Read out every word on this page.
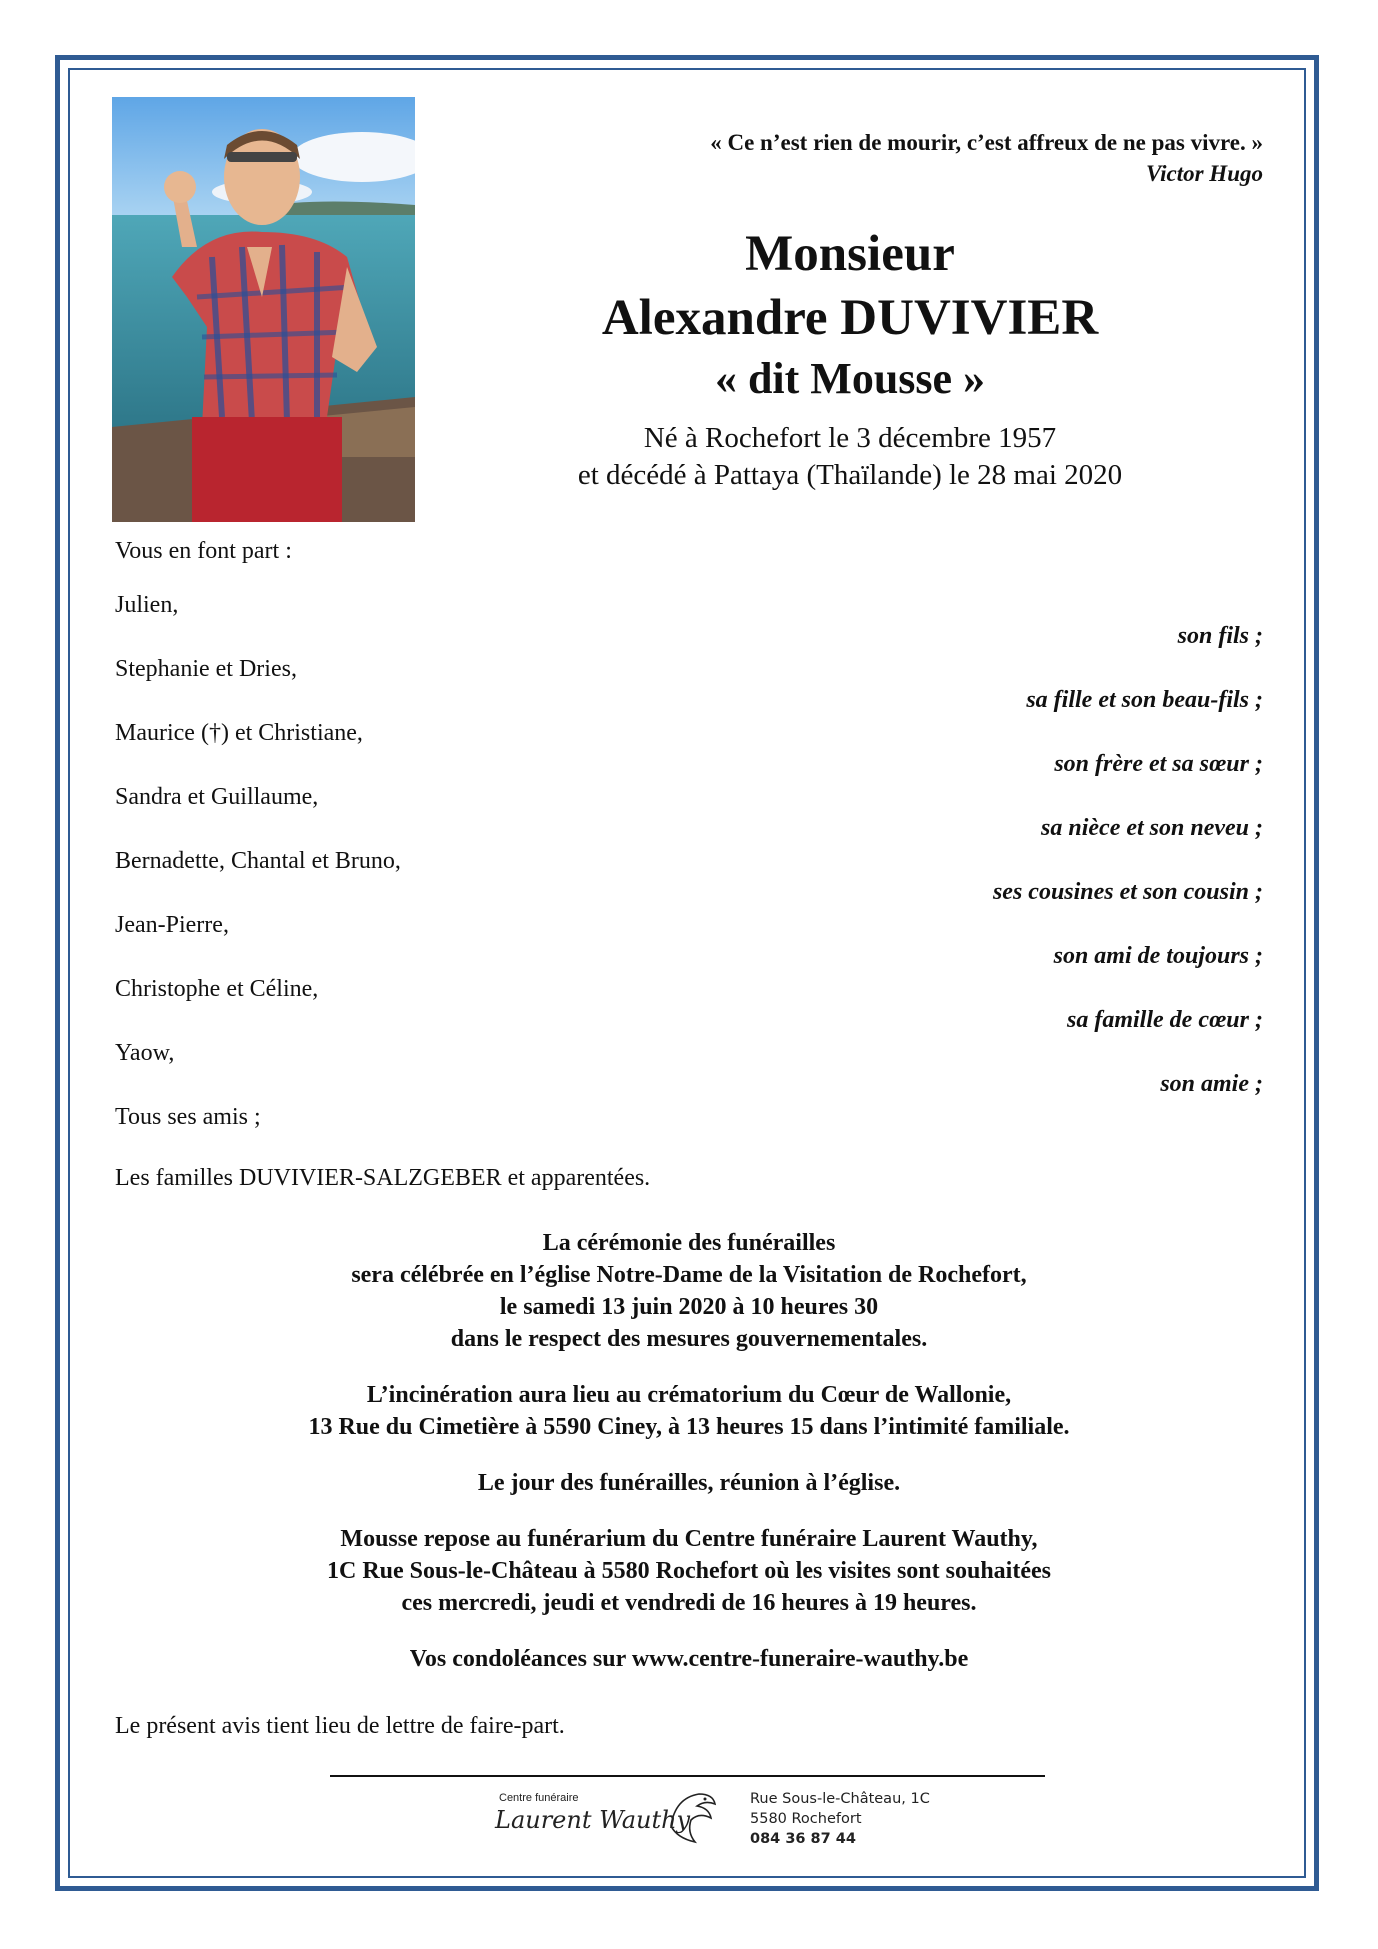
« Ce n’est rien de mourir, c’est affreux de ne pas vivre. »
Victor Hugo
Monsieur
Alexandre DUVIVIER
« dit Mousse »
Né à Rochefort le 3 décembre 1957
et décédé à Pattaya (Thaïlande) le 28 mai 2020
Vous en font part :
Julien,
son fils ;
Stephanie et Dries,
sa fille et son beau-fils ;
Maurice (†) et Christiane,
son frère et sa sœur ;
Sandra et Guillaume,
sa nièce et son neveu ;
Bernadette, Chantal et Bruno,
ses cousines et son cousin ;
Jean-Pierre,
son ami de toujours ;
Christophe et Céline,
sa famille de cœur ;
Yaow,
son amie ;
Tous ses amis ;
Les familles DUVIVIER-SALZGEBER et apparentées.

La cérémonie des funérailles
sera célébrée en l’église Notre-Dame de la Visitation de Rochefort,
le samedi 13 juin 2020 à 10 heures 30
dans le respect des mesures gouvernementales.

L’incinération aura lieu au crématorium du Cœur de Wallonie,
13 Rue du Cimetière à 5590 Ciney, à 13 heures 15 dans l’intimité familiale.

Le jour des funérailles, réunion à l’église.

Mousse repose au funérarium du Centre funéraire Laurent Wauthy,
1C Rue Sous-le-Château à 5580 Rochefort où les visites sont souhaitées
ces mercredi, jeudi et vendredi de 16 heures à 19 heures.

Vos condoléances sur www.centre-funeraire-wauthy.be

Le présent avis tient lieu de lettre de faire-part.
Centre funéraire
Laurent Wauthy
Rue Sous-le-Château, 1C
5580 Rochefort
084 36 87 44
